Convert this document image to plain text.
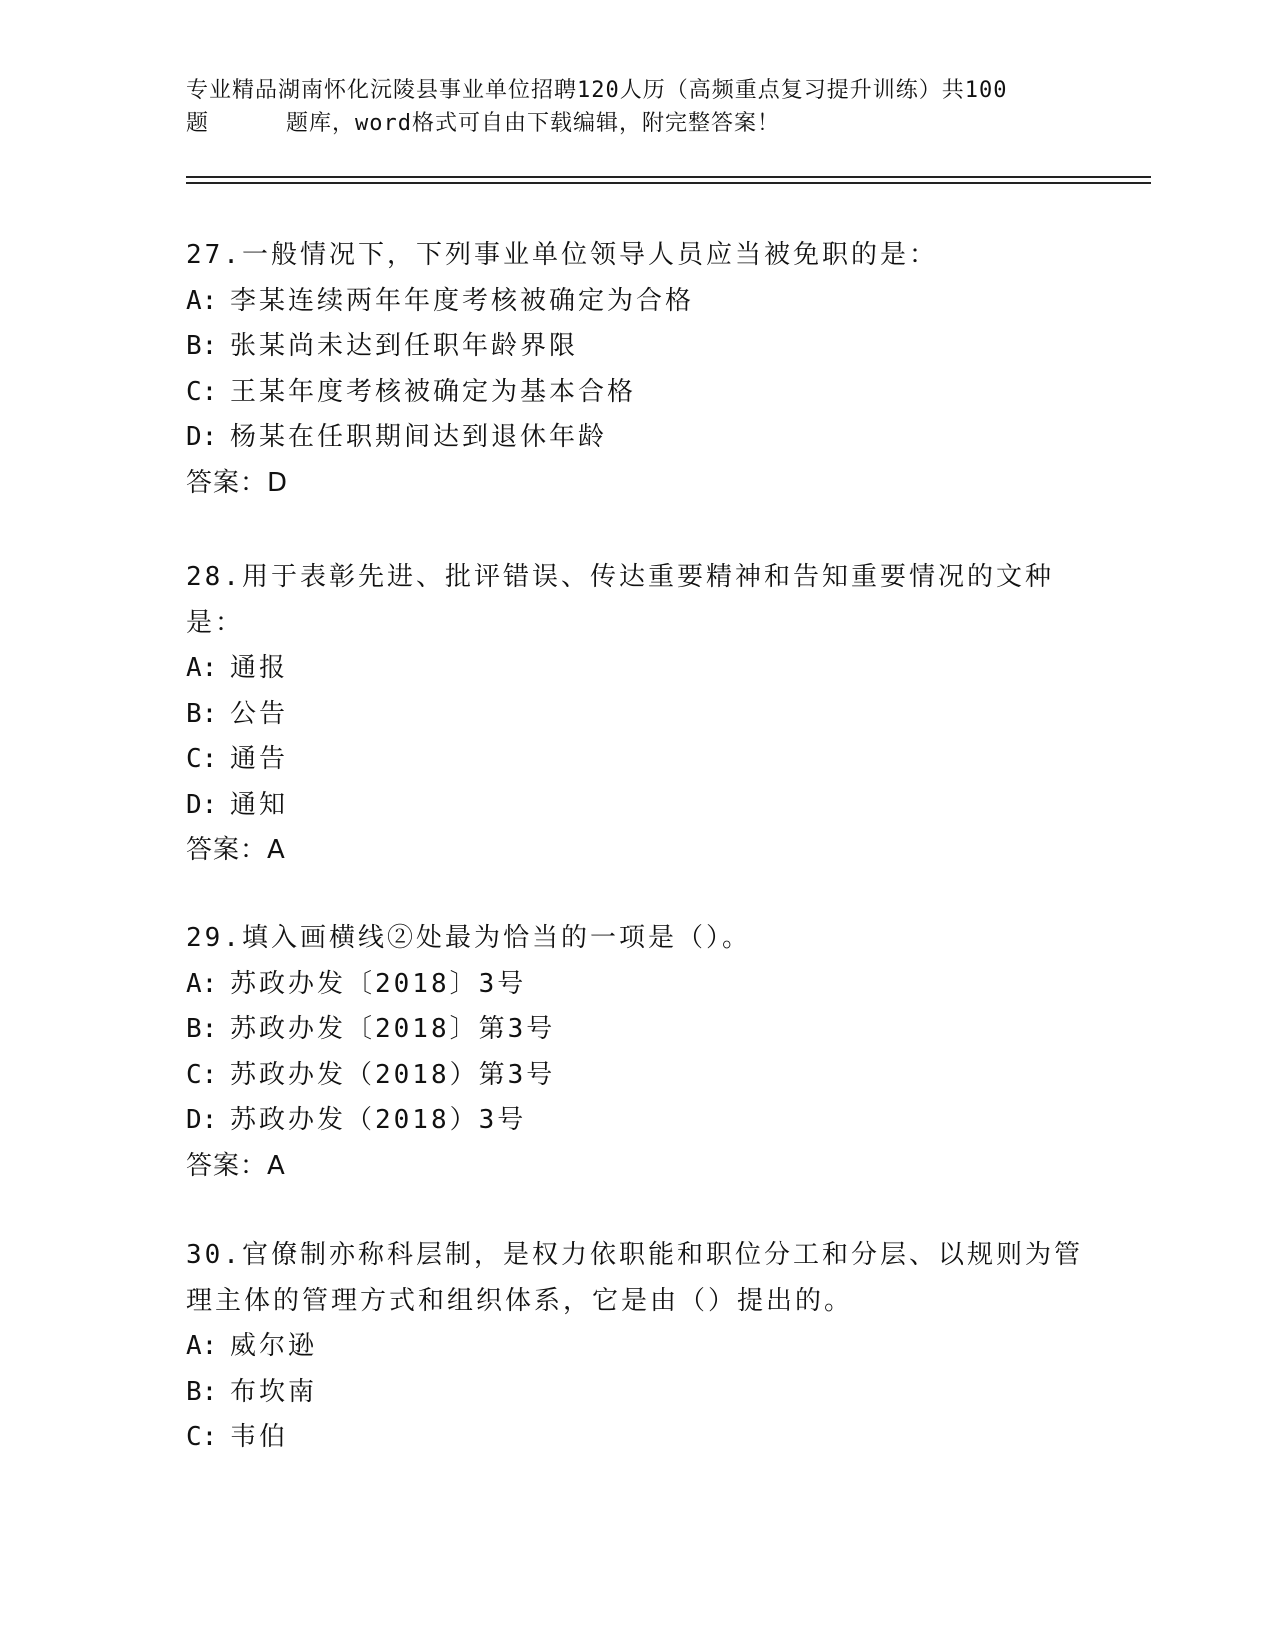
专业精品湖南怀化沅陵县事业单位招聘120人历（高频重点复习提升训练）共100
题	题库，word格式可自由下载编辑，附完整答案！
27.一般情况下，下列事业单位领导人员应当被免职的是：
A: 李某连续两年年度考核被确定为合格
B: 张某尚未达到任职年龄界限
C: 王某年度考核被确定为基本合格
D: 杨某在任职期间达到退休年龄
答案：D
28.用于表彰先进、批评错误、传达重要精神和告知重要情况的文种是：
A: 通报
B: 公告
C: 通告
D: 通知
答案：A
29.填入画横线②处最为恰当的一项是（）。
A: 苏政办发〔2018〕3号
B: 苏政办发〔2018〕第3号
C: 苏政办发（2018）第3号
D: 苏政办发（2018）3号
答案：A
30.官僚制亦称科层制，是权力依职能和职位分工和分层、以规则为管理主体的管理方式和组织体系，它是由（）提出的。
A: 威尔逊
B: 布坎南
C: 韦伯
